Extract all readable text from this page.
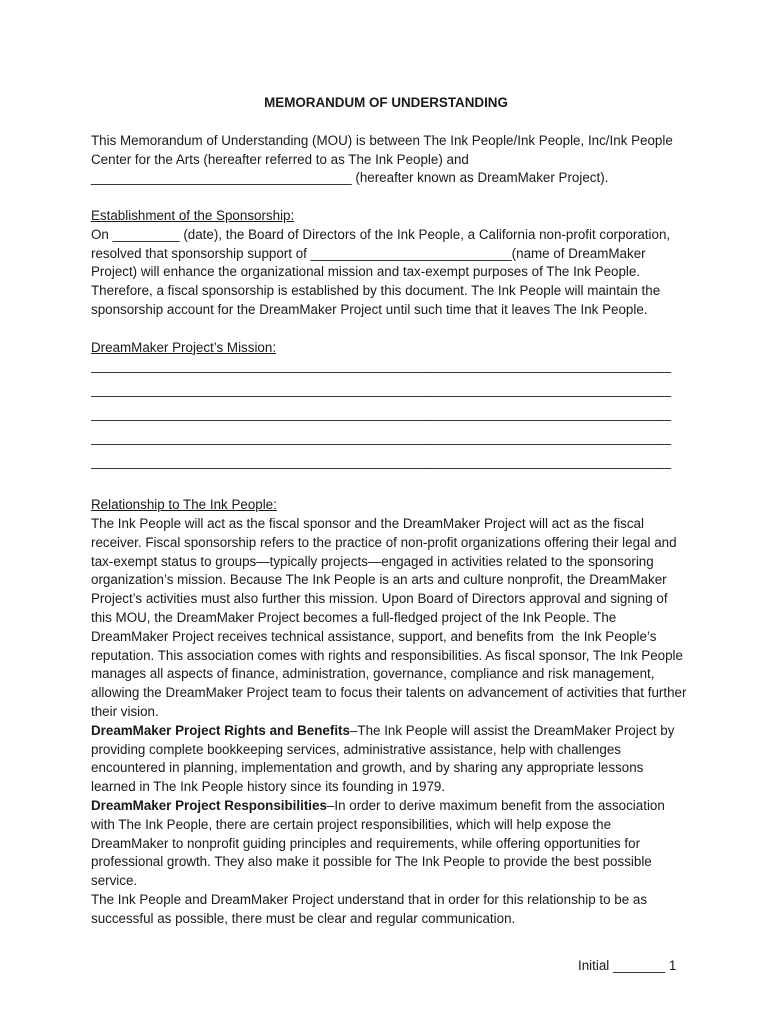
MEMORANDUM OF UNDERSTANDING

This Memorandum of Understanding (MOU) is between The Ink People/Ink People, Inc/Ink People Center for the Arts (hereafter referred to as The Ink People) and

___________________________________ (hereafter known as DreamMaker Project).

Establishment of the Sponsorship:

On _________ (date), the Board of Directors of the Ink People, a California non-profit corporation, resolved that sponsorship support of ___________________________(name of DreamMaker Project) will enhance the organizational mission and tax-exempt purposes of The Ink People. Therefore, a fiscal sponsorship is established by this document. The Ink People will maintain the sponsorship account for the DreamMaker Project until such time that it leaves The Ink People.

DreamMaker Project’s Mission:

________________________________________________________________________________
________________________________________________________________________________
________________________________________________________________________________
________________________________________________________________________________
________________________________________________________________________________

Relationship to The Ink People:

The Ink People will act as the fiscal sponsor and the DreamMaker Project will act as the fiscal receiver. Fiscal sponsorship refers to the practice of non-profit organizations offering their legal and tax-exempt status to groups—typically projects—engaged in activities related to the sponsoring organization’s mission. Because The Ink People is an arts and culture nonprofit, the DreamMaker Project’s activities must also further this mission. Upon Board of Directors approval and signing of this MOU, the DreamMaker Project becomes a full-fledged project of the Ink People. The DreamMaker Project receives technical assistance, support, and benefits from  the Ink People’s reputation. This association comes with rights and responsibilities. As fiscal sponsor, The Ink People manages all aspects of finance, administration, governance, compliance and risk management, allowing the DreamMaker Project team to focus their talents on advancement of activities that further their vision.

DreamMaker Project Rights and Benefits–The Ink People will assist the DreamMaker Project by providing complete bookkeeping services, administrative assistance, help with challenges encountered in planning, implementation and growth, and by sharing any appropriate lessons learned in The Ink People history since its founding in 1979.

DreamMaker Project Responsibilities–In order to derive maximum benefit from the association with The Ink People, there are certain project responsibilities, which will help expose the DreamMaker to nonprofit guiding principles and requirements, while offering opportunities for professional growth. They also make it possible for The Ink People to provide the best possible service.

The Ink People and DreamMaker Project understand that in order for this relationship to be as successful as possible, there must be clear and regular communication.

Initial _______ 1
